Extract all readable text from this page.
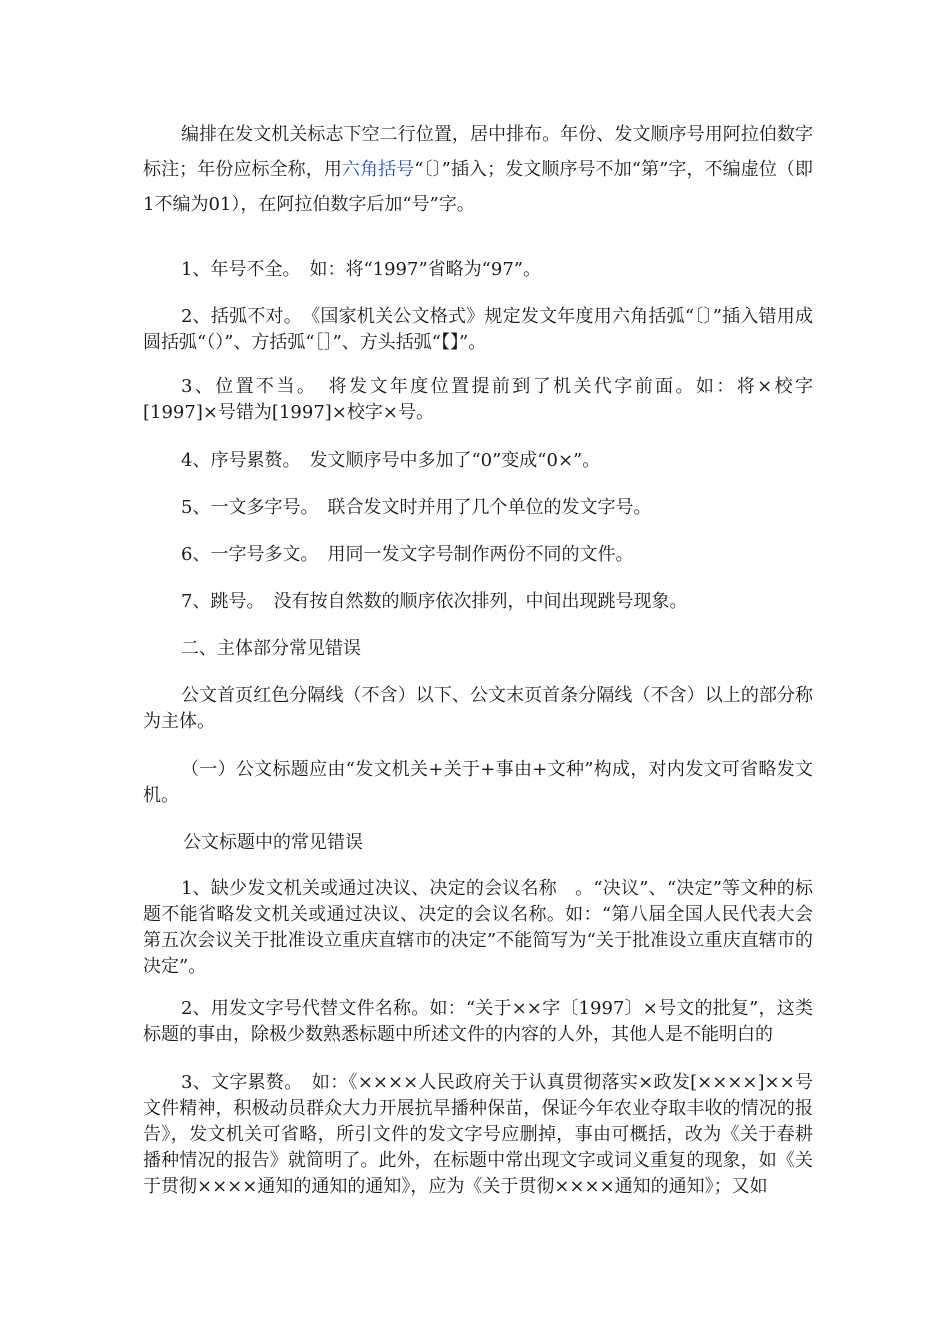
编排在发文机关标志下空二行位置，居中排布。年份、发文顺序号用阿拉伯数字标注；年份应标全称，用六角括号“〔〕”插入；发文顺序号不加“第”字，不编虚位（即1不编为01），在阿拉伯数字后加“号”字。

1、年号不全。　如：将“1997”省略为“97”。

2、括弧不对。　《国家机关公文格式》规定发文年度用六角括弧“〔〕”插入错用成圆括弧“（）”、方括弧“［］”、方头括弧“【】”。

3、位置不当。　将发文年度位置提前到了机关代字前面。如：将×校字[1997]×号错为[1997]×校字×号。

4、序号累赘。　发文顺序号中多加了“0”变成“0×”。

5、一文多字号。　联合发文时并用了几个单位的发文字号。

6、一字号多文。　用同一发文字号制作两份不同的文件。

7、跳号。　没有按自然数的顺序依次排列，中间出现跳号现象。

二、主体部分常见错误

公文首页红色分隔线（不含）以下、公文末页首条分隔线（不含）以上的部分称为主体。

（一）公文标题应由“发文机关+关于+事由+文种”构成，对内发文可省略发文机。

公文标题中的常见错误

1、缺少发文机关或通过决议、决定的会议名称　。“决议”、“决定”等文种的标题不能省略发文机关或通过决议、决定的会议名称。如：“第八届全国人民代表大会第五次会议关于批准设立重庆直辖市的决定”不能简写为“关于批准设立重庆直辖市的决定”。

2、用发文字号代替文件名称。如：“关于××字〔1997〕×号文的批复”，这类标题的事由，除极少数熟悉标题中所述文件的内容的人外，其他人是不能明白的

3、文字累赘。　如：《××××人民政府关于认真贯彻落实×政发[××××]××号文件精神，积极动员群众大力开展抗旱播种保苗，保证今年农业夺取丰收的情况的报告》，发文机关可省略，所引文件的发文字号应删掉，事由可概括，改为《关于春耕播种情况的报告》就简明了。此外，在标题中常出现文字或词义重复的现象，如《关于贯彻××××通知的通知的通知》，应为《关于贯彻××××通知的通知》；又如
